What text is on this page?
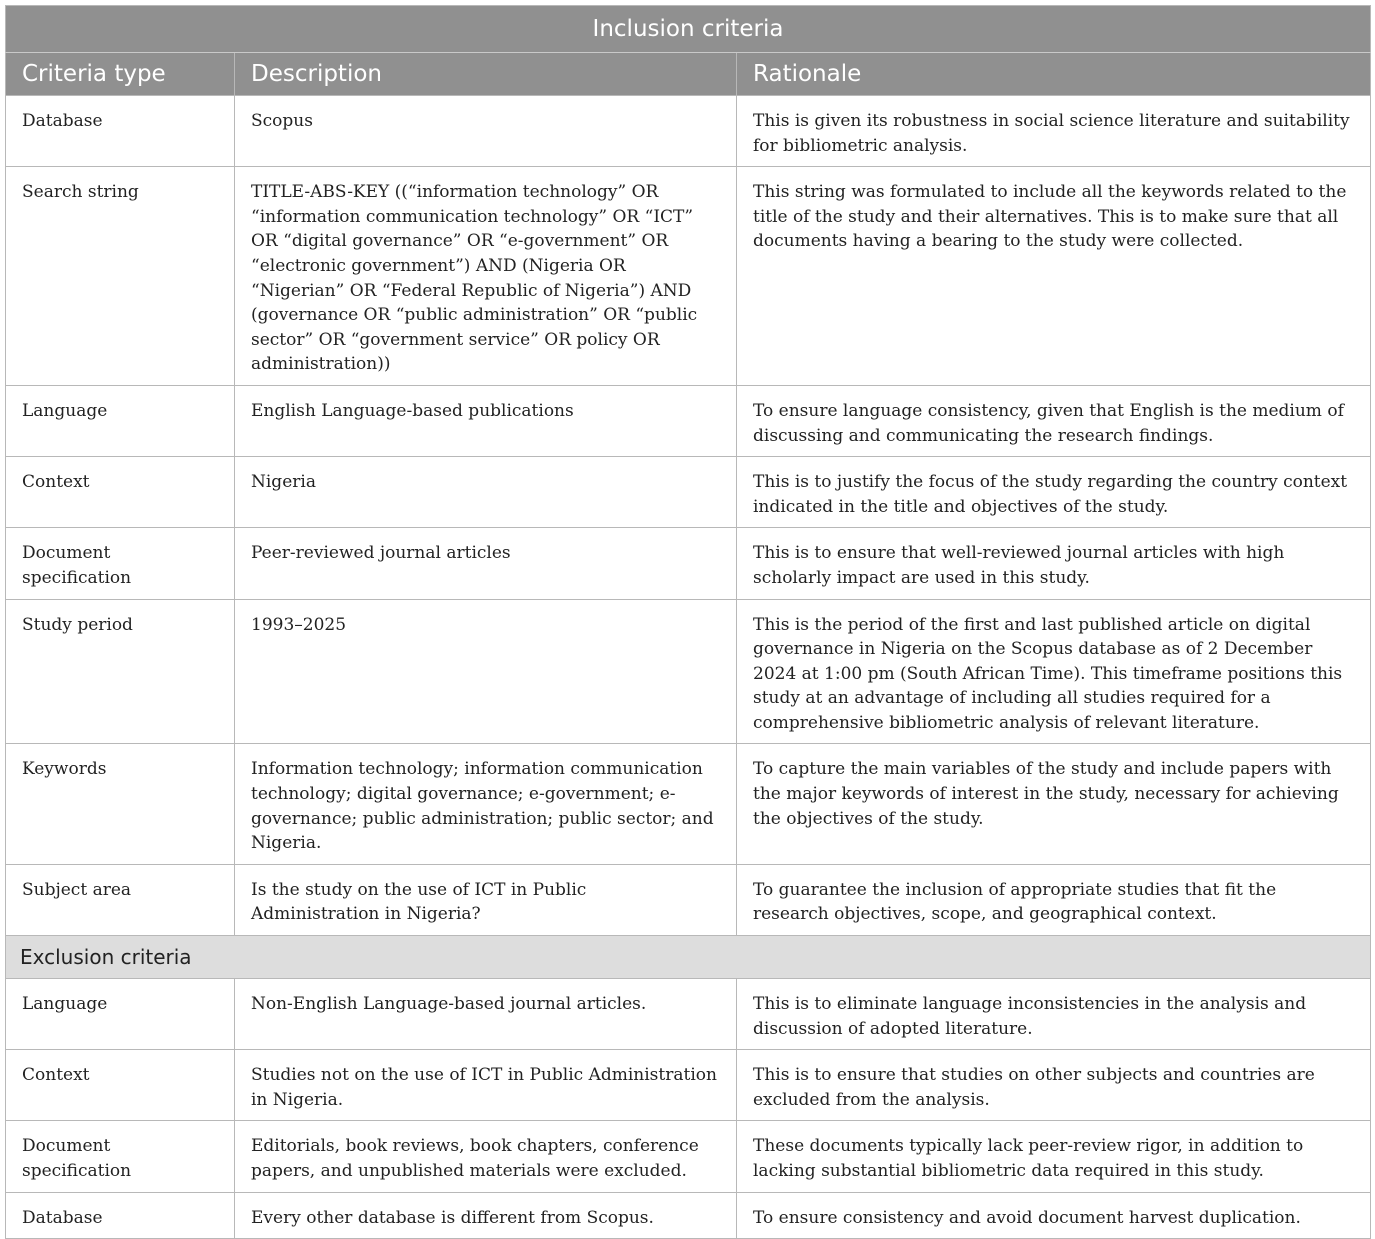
Inclusion criteria		
Criteria type	Description	Rationale
Database	Scopus	This is given its robustness in social science literature and suitability for bibliometric analysis.
Search string	TITLE-ABS-KEY ((“information technology” OR “information communication technology” OR “ICT” OR “digital governance” OR “e-government” OR “electronic government”) AND (Nigeria OR “Nigerian” OR “Federal Republic of Nigeria”) AND (governance OR “public administration” OR “public sector” OR “government service” OR policy OR administration))	This string was formulated to include all the keywords related to the title of the study and their alternatives. This is to make sure that all documents having a bearing to the study were collected.
Language	English Language-based publications	To ensure language consistency, given that English is the medium of discussing and communicating the research findings.
Context	Nigeria	This is to justify the focus of the study regarding the country context indicated in the title and objectives of the study.
Document specification	Peer-reviewed journal articles	This is to ensure that well-reviewed journal articles with high scholarly impact are used in this study.
Study period	1993–2025	This is the period of the first and last published article on digital governance in Nigeria on the Scopus database as of 2 December 2024 at 1:00 pm (South African Time). This timeframe positions this study at an advantage of including all studies required for a comprehensive bibliometric analysis of relevant literature.
Keywords	Information technology; information communication technology; digital governance; e-government; e-governance; public administration; public sector; and Nigeria.	To capture the main variables of the study and include papers with the major keywords of interest in the study, necessary for achieving the objectives of the study.
Subject area	Is the study on the use of ICT in Public Administration in Nigeria?	To guarantee the inclusion of appropriate studies that fit the research objectives, scope, and geographical context.
Exclusion criteria		
Language	Non-English Language-based journal articles.	This is to eliminate language inconsistencies in the analysis and discussion of adopted literature.
Context	Studies not on the use of ICT in Public Administration in Nigeria.	This is to ensure that studies on other subjects and countries are excluded from the analysis.
Document specification	Editorials, book reviews, book chapters, conference papers, and unpublished materials were excluded.	These documents typically lack peer-review rigor, in addition to lacking substantial bibliometric data required in this study.
Database	Every other database is different from Scopus.	To ensure consistency and avoid document harvest duplication.
